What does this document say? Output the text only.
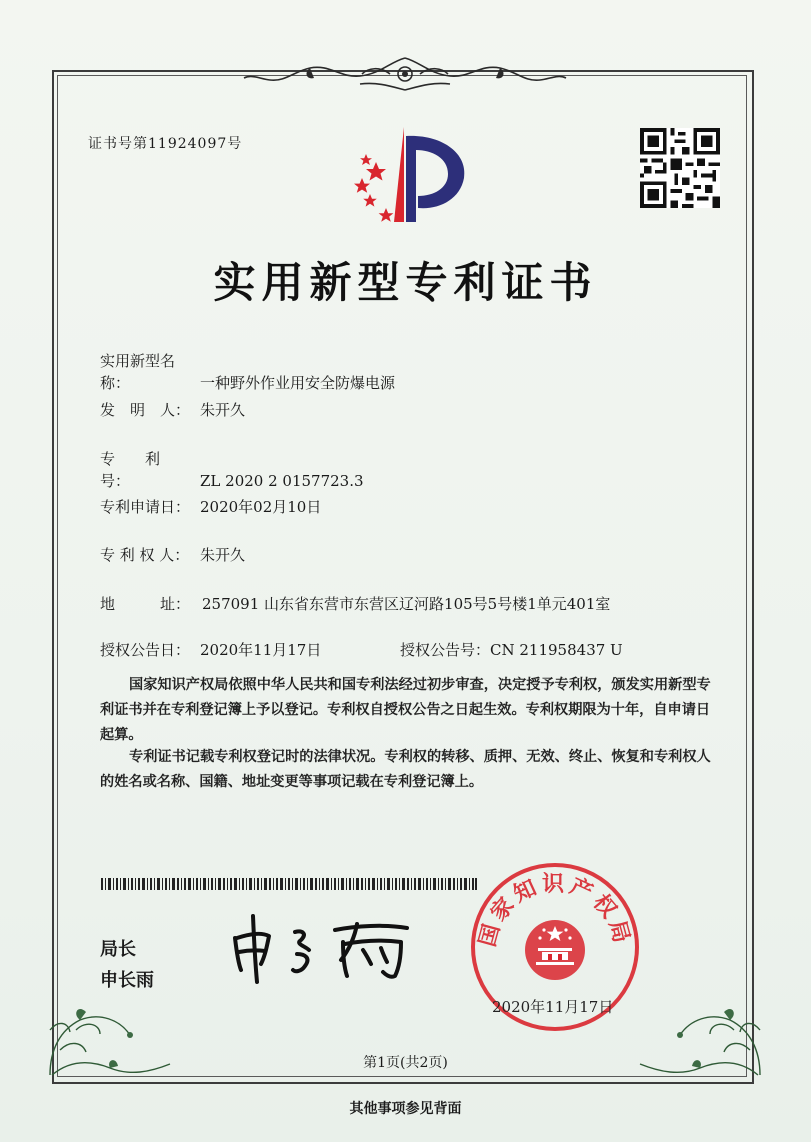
证书号第11924097号
实用新型专利证书
实用新型名称：	一种野外作业用安全防爆电源
发　明　人： 朱开久
专　　利　号：	ZL 2020 2 0157723.3
专利申请日： 2020年02月10日
专 利 权 人： 朱开久
地　　　址： 257091 山东省东营市东营区辽河路105号5号楼1单元401室
授权公告日： 2020年11月17日	授权公告号：CN 211958437 U
国家知识产权局依照中华人民共和国专利法经过初步审查，决定授予专利权，颁发实用新型专利证书并在专利登记簿上予以登记。专利权自授权公告之日起生效。专利权期限为十年，自申请日起算。
专利证书记载专利权登记时的法律状况。专利权的转移、质押、无效、终止、恢复和专利权人的姓名或名称、国籍、地址变更等事项记载在专利登记簿上。
局长
申长雨
国家知识产权局
2020年11月17日
第1页(共2页)
其他事项参见背面
